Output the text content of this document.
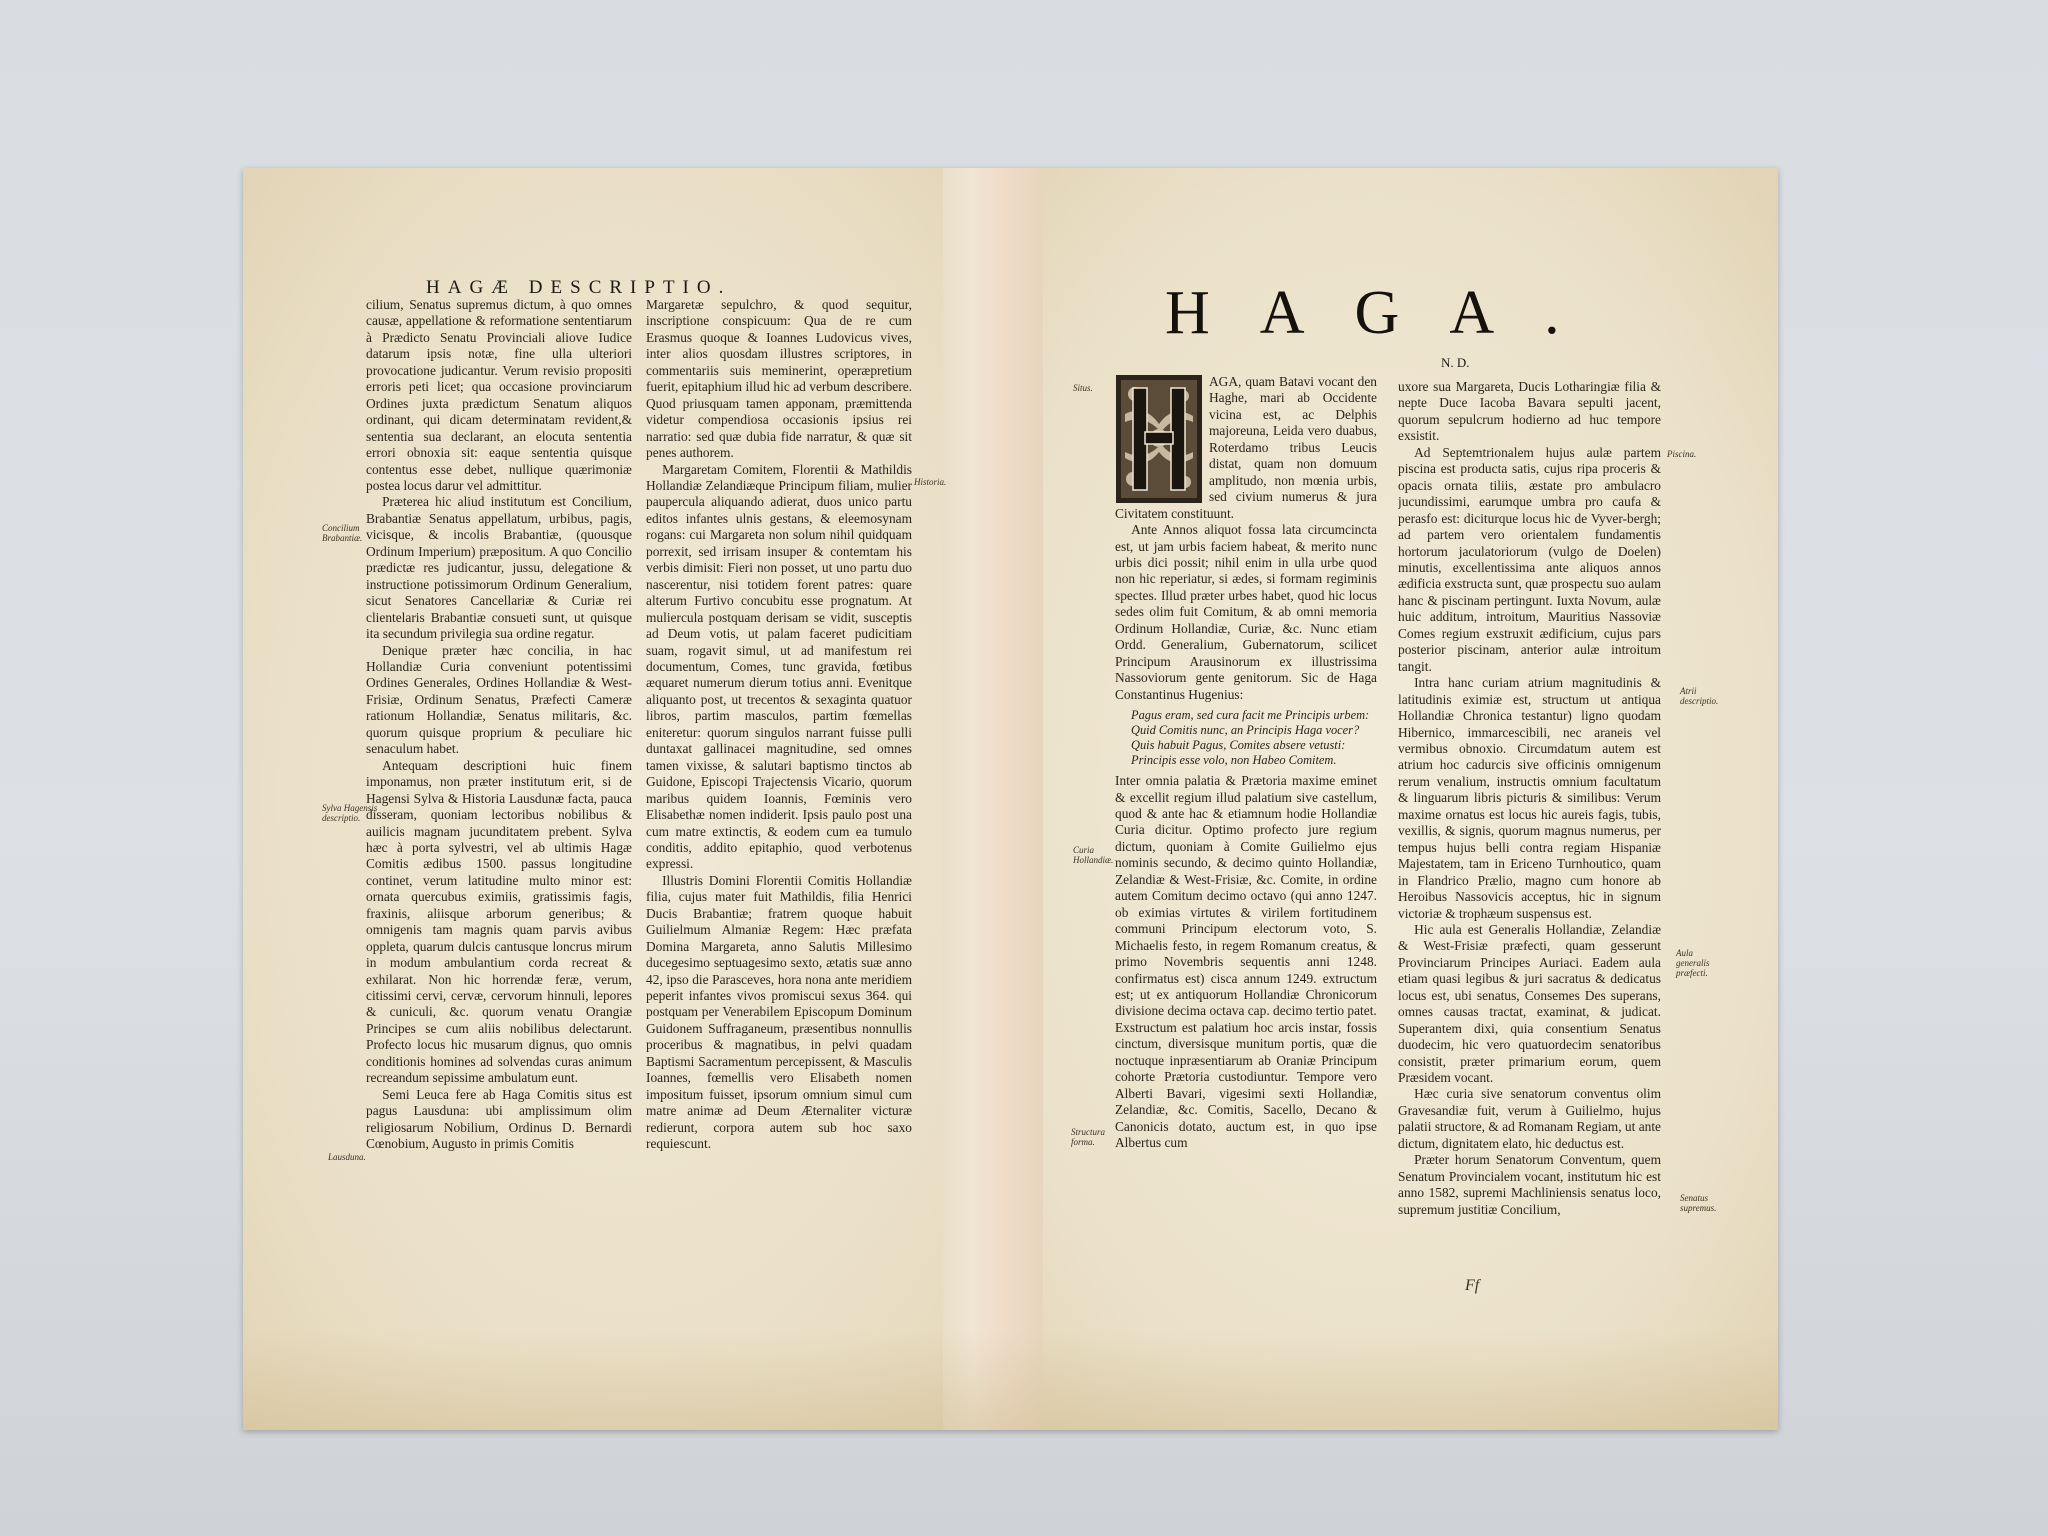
HAGÆ DESCRIPTIO.

cilium, Senatus supremus dictum, à quo omnes causæ, appellatione & reformatione sententiarum à Prædicto Senatu Provinciali aliove Iudice datarum ipsis notæ, fine ulla ulteriori provocatione judicantur. Verum revisio propositi erroris peti licet; qua occasione provinciarum Ordines juxta prædictum Senatum aliquos ordinant, qui dicam determinatam revident,& sententia sua declarant, an elocuta sententia errori obnoxia sit: eaque sententia quisque contentus esse debet, nullique quærimoniæ postea locus darur vel admittitur.

Præterea hic aliud institutum est Concilium, Brabantiæ Senatus appellatum, urbibus, pagis, vicisque, & incolis Brabantiæ, (quousque Ordinum Imperium) præpositum. A quo Concilio prædictæ res judicantur, jussu, delegatione & instructione potissimorum Ordinum Generalium, sicut Senatores Cancellariæ & Curiæ rei clientelaris Brabantiæ consueti sunt, ut quisque ita secundum privilegia sua ordine regatur.

Denique præter hæc concilia, in hac Hollandiæ Curia conveniunt potentissimi Ordines Generales, Ordines Hollandiæ & West-Frisiæ, Ordinum Senatus, Præfecti Cameræ rationum Hollandiæ, Senatus militaris, &c. quorum quisque proprium & peculiare hic senaculum habet.

Antequam descriptioni huic finem imponamus, non præter institutum erit, si de Hagensi Sylva & Historia Lausdunæ facta, pauca disseram, quoniam lectoribus nobilibus & auilicis magnam jucunditatem prebent. Sylva hæc à porta sylvestri, vel ab ultimis Hagæ Comitis ædibus 1500. passus longitudine continet, verum latitudine multo minor est: ornata quercubus eximiis, gratissimis fagis, fraxinis, aliisque arborum generibus; & omnigenis tam magnis quam parvis avibus oppleta, quarum dulcis cantusque loncrus mirum in modum ambulantium corda recreat & exhilarat. Non hic horrendæ feræ, verum, citissimi cervi, cervæ, cervorum hinnuli, lepores & cuniculi, &c. quorum venatu Orangiæ Principes se cum aliis nobilibus delectarunt. Profecto locus hic musarum dignus, quo omnis conditionis homines ad solvendas curas animum recreandum sepissime ambulatum eunt.

Semi Leuca fere ab Haga Comitis situs est pagus Lausduna: ubi amplissimum olim religiosarum Nobilium, Ordinus D. Bernardi Cœnobium, Augusto in primis Comitis

Margaretæ sepulchro, & quod sequitur, inscriptione conspicuum: Qua de re cum Erasmus quoque & Ioannes Ludovicus vives, inter alios quosdam illustres scriptores, in commentariis suis meminerint, operæpretium fuerit, epitaphium illud hic ad verbum describere. Quod priusquam tamen apponam, præmittenda videtur compendiosa occasionis ipsius rei narratio: sed quæ dubia fide narratur, & quæ sit penes authorem.

Margaretam Comitem, Florentii & Mathildis Hollandiæ Zelandiæque Principum filiam, mulier paupercula aliquando adierat, duos unico partu editos infantes ulnis gestans, & eleemosynam rogans: cui Margareta non solum nihil quidquam porrexit, sed irrisam insuper & contemtam his verbis dimisit: Fieri non posset, ut uno partu duo nascerentur, nisi totidem forent patres: quare alterum Furtivo concubitu esse prognatum. At muliercula postquam derisam se vidit, susceptis ad Deum votis, ut palam faceret pudicitiam suam, rogavit simul, ut ad manifestum rei documentum, Comes, tunc gravida, fœtibus æquaret numerum dierum totius anni. Evenitque aliquanto post, ut trecentos & sexaginta quatuor libros, partim masculos, partim fœmellas eniteretur: quorum singulos narrant fuisse pulli duntaxat gallinacei magnitudine, sed omnes tamen vixisse, & salutari baptismo tinctos ab Guidone, Episcopi Trajectensis Vicario, quorum maribus quidem Ioannis, Fœminis vero Elisabethæ nomen indiderit. Ipsis paulo post una cum matre extinctis, & eodem cum ea tumulo conditis, addito epitaphio, quod verbotenus expressi.

Illustris Domini Florentii Comitis Hollandiæ filia, cujus mater fuit Mathildis, filia Henrici Ducis Brabantiæ; fratrem quoque habuit Guilielmum Almaniæ Regem: Hæc præfata Domina Margareta, anno Salutis Millesimo ducegesimo septuagesimo sexto, ætatis suæ anno 42, ipso die Parasceves, hora nona ante meridiem peperit infantes vivos promiscui sexus 364. qui postquam per Venerabilem Episcopum Dominum Guidonem Suffraganeum, præsentibus nonnullis proceribus & magnatibus, in pelvi quadam Baptismi Sacramentum percepissent, & Masculis Ioannes, fœmellis vero Elisabeth nomen impositum fuisset, ipsorum omnium simul cum matre animæ ad Deum Æternaliter victuræ redierunt, corpora autem sub hoc saxo requiescunt.

Concilium Brabantiæ.
Sylva Hagensis descriptio.
Lausduna.
Historia.
HAGA.
N. D.

AGA, quam Batavi vocant den Haghe, mari ab Occidente vicina est, ac Delphis majoreuna, Leida vero duabus, Roterdamo tribus Leucis distat, quam non domuum amplitudo, non mœnia urbis, sed civium numerus & jura Civitatem constituunt.

Ante Annos aliquot fossa lata circumcincta est, ut jam urbis faciem habeat, & merito nunc urbis dici possit; nihil enim in ulla urbe quod non hic reperiatur, si ædes, si formam regiminis spectes. Illud præter urbes habet, quod hic locus sedes olim fuit Comitum, & ab omni memoria Ordinum Hollandiæ, Curiæ, &c. Nunc etiam Ordd. Generalium, Gubernatorum, scilicet Principum Arausinorum ex illustrissima Nassoviorum gente genitorum. Sic de Haga Constantinus Hugenius:

Pagus eram, sed cura facit me Principis urbem:
Quid Comitis nunc, an Principis Haga vocer?
Quis habuit Pagus, Comites absere vetusti:
Principis esse volo, non Habeo Comitem.

Inter omnia palatia & Prætoria maxime eminet & excellit regium illud palatium sive castellum, quod & ante hac & etiamnum hodie Hollandiæ Curia dicitur. Optimo profecto jure regium dictum, quoniam à Comite Guilielmo ejus nominis secundo, & decimo quinto Hollandiæ, Zelandiæ & West-Frisiæ, &c. Comite, in ordine autem Comitum decimo octavo (qui anno 1247. ob eximias virtutes & virilem fortitudinem communi Principum electorum voto, S. Michaelis festo, in regem Romanum creatus, & primo Novembris sequentis anni 1248. confirmatus est) cisca annum 1249. extructum est; ut ex antiquorum Hollandiæ Chronicorum divisione decima octava cap. decimo tertio patet.

Exstructum est palatium hoc arcis instar, fossis cinctum, diversisque munitum portis, quæ die noctuque inpræsentiarum ab Oraniæ Principum cohorte Prætoria custodiuntur. Tempore vero Alberti Bavari, vigesimi sexti Hollandiæ, Zelandiæ, &c. Comitis, Sacello, Decano & Canonicis dotato, auctum est, in quo ipse Albertus cum

uxore sua Margareta, Ducis Lotharingiæ filia & nepte Duce Iacoba Bavara sepulti jacent, quorum sepulcrum hodierno ad huc tempore exsistit.

Ad Septemtrionalem hujus aulæ partem piscina est producta satis, cujus ripa proceris & opacis ornata tiliis, æstate pro ambulacro jucundissimi, earumque umbra pro caufa & perasfo est: diciturque locus hic de Vyver-bergh; ad partem vero orientalem fundamentis hortorum jaculatoriorum (vulgo de Doelen) minutis, excellentissima ante aliquos annos ædificia exstructa sunt, quæ prospectu suo aulam hanc & piscinam pertingunt. Iuxta Novum, aulæ huic additum, introitum, Mauritius Nassoviæ Comes regium exstruxit ædificium, cujus pars posterior piscinam, anterior aulæ introitum tangit.

Intra hanc curiam atrium magnitudinis & latitudinis eximiæ est, structum ut antiqua Hollandiæ Chronica testantur) ligno quodam Hibernico, immarcescibili, nec araneis vel vermibus obnoxio. Circumdatum autem est atrium hoc cadurcis sive officinis omnigenum rerum venalium, instructis omnium facultatum & linguarum libris picturis & similibus: Verum maxime ornatus est locus hic aureis fagis, tubis, vexillis, & signis, quorum magnus numerus, per tempus hujus belli contra regiam Hispaniæ Majestatem, tam in Ericeno Turnhoutico, quam in Flandrico Prælio, magno cum honore ab Heroibus Nassovicis acceptus, hic in signum victoriæ & trophæum suspensus est.

Hic aula est Generalis Hollandiæ, Zelandiæ & West-Frisiæ præfecti, quam gesserunt Provinciarum Principes Auriaci. Eadem aula etiam quasi legibus & juri sacratus & dedicatus locus est, ubi senatus, Consemes Des superans, omnes causas tractat, examinat, & judicat. Superantem dixi, quia consentium Senatus duodecim, hic vero quatuordecim senatoribus consistit, præter primarium eorum, quem Præsidem vocant.

Hæc curia sive senatorum conventus olim Gravesandiæ fuit, verum à Guilielmo, hujus palatii structore, & ad Romanam Regiam, ut ante dictum, dignitatem elato, hic deductus est.

Præter horum Senatorum Conventum, quem Senatum Provincialem vocant, institutum hic est anno 1582, supremi Machliniensis senatus loco, supremum justitiæ Concilium,

Situs.
Curia Hollandiæ.
Structura forma.
Piscina.
Atrii descriptio.
Aula generalis præfecti.
Senatus supremus.
Ff
